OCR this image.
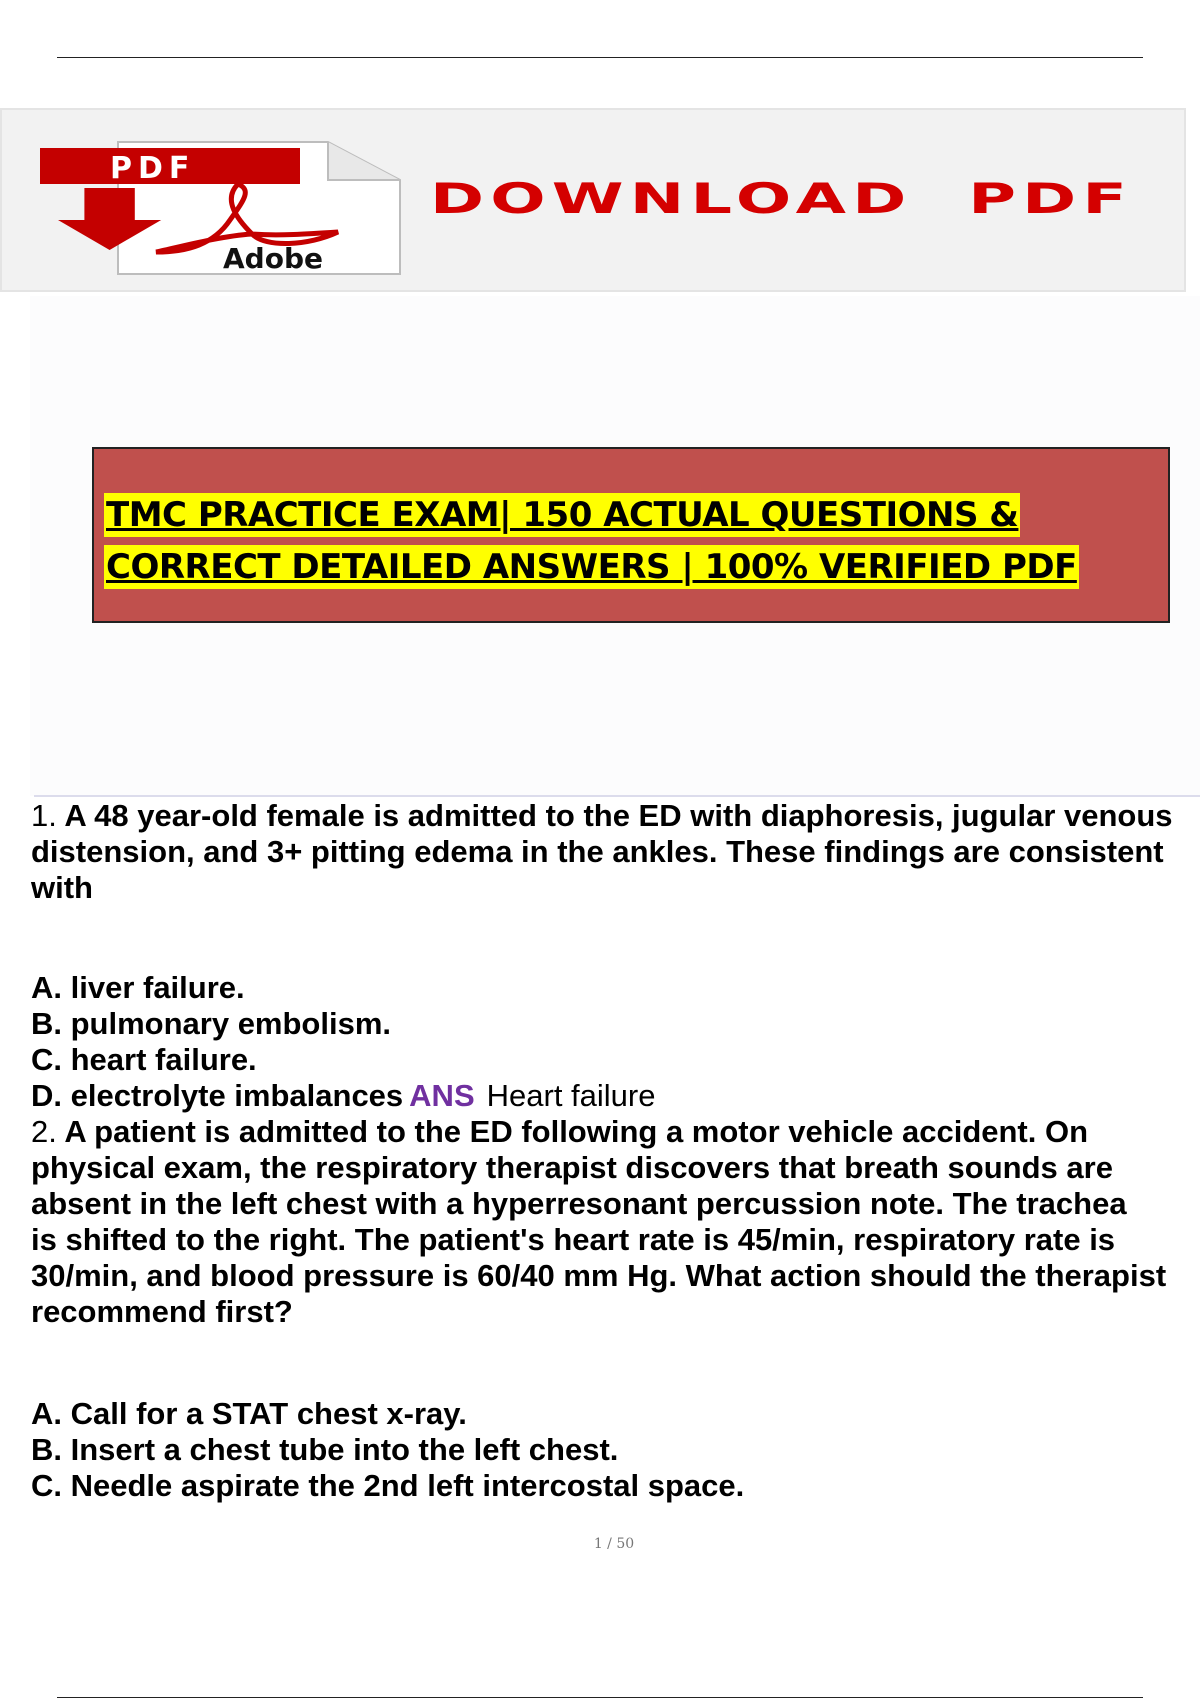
PDF
Adobe
DOWNLOAD PDF
TMC PRACTICE EXAM| 150 ACTUAL QUESTIONS &
CORRECT DETAILED ANSWERS | 100% VERIFIED PDF

1. A 48 year-old female is admitted to the ED with diaphoresis, jugular venous

distension, and 3+ pitting edema in the ankles. These findings are consistent

with

A. liver failure.
B. pulmonary embolism.
C. heart failure.
D. electrolyte imbalances ANS Heart failure

2. A patient is admitted to the ED following a motor vehicle accident. On

physical exam, the respiratory therapist discovers that breath sounds are

absent in the left chest with a hyperresonant percussion note. The trachea

is shifted to the right. The patient's heart rate is 45/min, respiratory rate is

30/min, and blood pressure is 60/40 mm Hg. What action should the therapist

recommend first?

A. Call for a STAT chest x-ray.
B. Insert a chest tube into the left chest.
C. Needle aspirate the 2nd left intercostal space.
1 / 50
